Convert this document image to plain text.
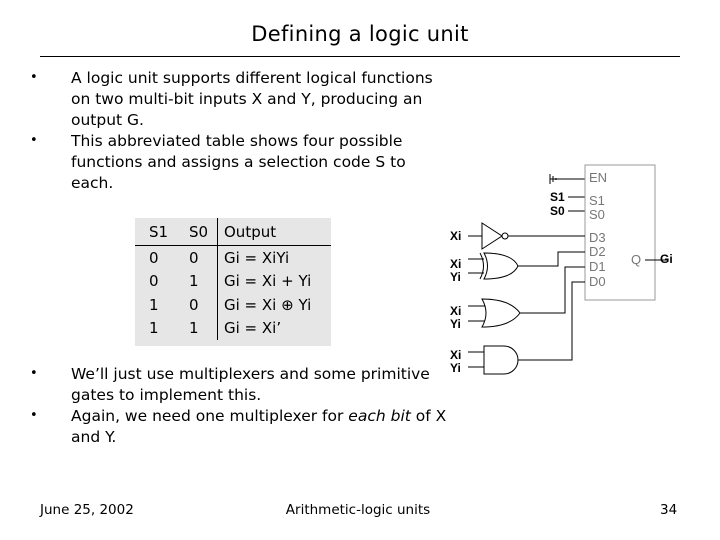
Defining a logic unit
• A logic unit supports different logical functions on two multi-bit inputs X and Y, producing an output G.
• This abbreviated table shows four possible functions and assigns a selection code S to each.
S1	S0	Output
0	0	Gi = XiYi
0	1	Gi = Xi + Yi
1	0	Gi = Xi ⊕ Yi
1	1	Gi = Xi’
• We’ll just use multiplexers and some primitive gates to implement this.
• Again, we need one multiplexer for each bit of X and Y.
S1
S0
EN
S1
S0
D3
D2
D1
D0
Q Gi
Xi
Xi
Yi
Xi
Yi
Xi
Yi
June 25, 2002	Arithmetic-logic units	34
